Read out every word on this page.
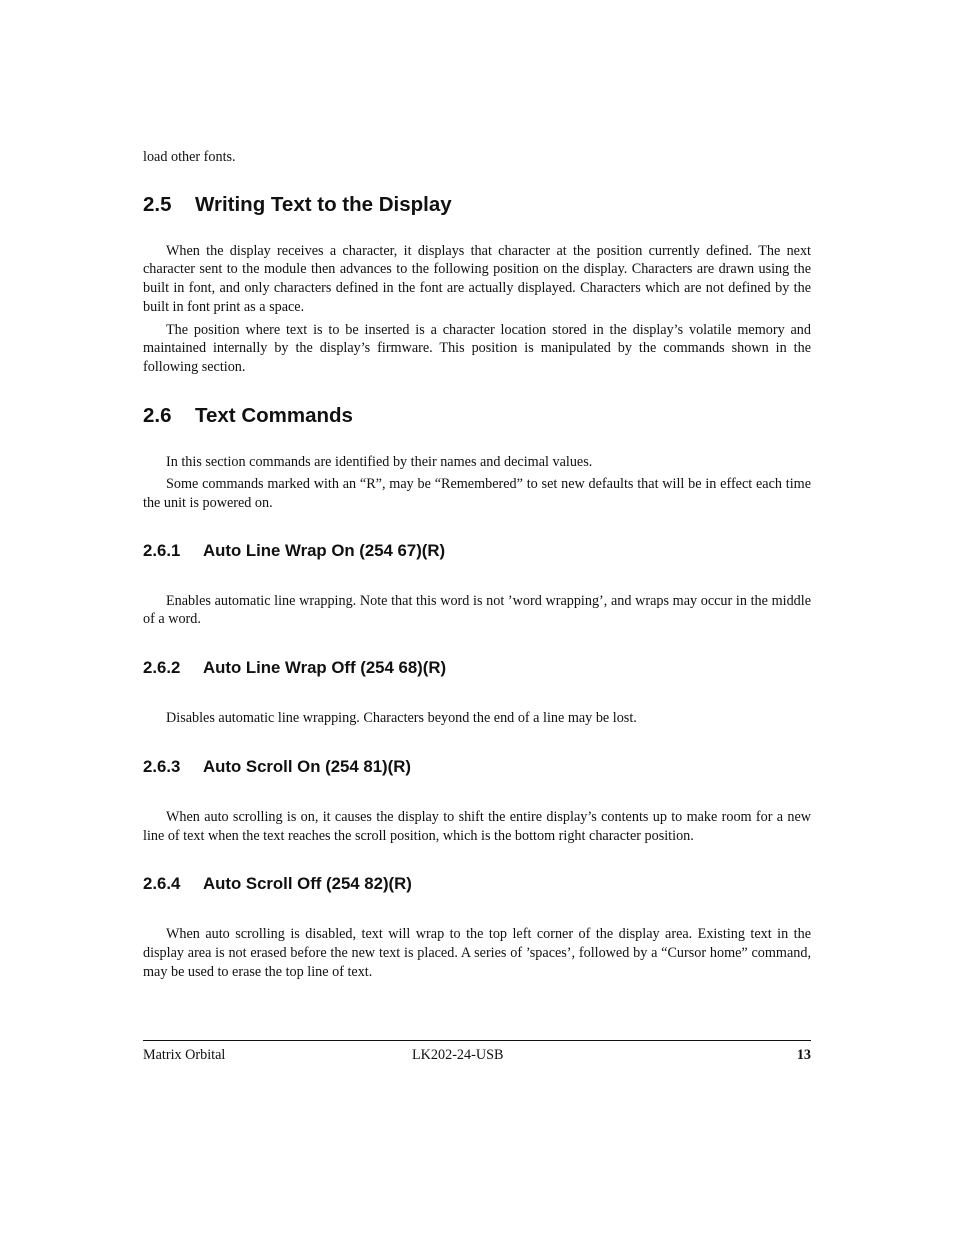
load other fonts.

2.5 Writing Text to the Display

When the display receives a character, it displays that character at the position currently defined. The next character sent to the module then advances to the following position on the display. Characters are drawn using the built in font, and only characters defined in the font are actually displayed. Characters which are not defined by the built in font print as a space.

The position where text is to be inserted is a character location stored in the display’s volatile memory and maintained internally by the display’s firmware. This position is manipulated by the commands shown in the following section.

2.6 Text Commands

In this section commands are identified by their names and decimal values.

Some commands marked with an “R”, may be “Remembered” to set new defaults that will be in effect each time the unit is powered on.

2.6.1 Auto Line Wrap On (254 67)(R)

Enables automatic line wrapping. Note that this word is not ’word wrapping’, and wraps may occur in the middle of a word.

2.6.2 Auto Line Wrap Off (254 68)(R)

Disables automatic line wrapping. Characters beyond the end of a line may be lost.

2.6.3 Auto Scroll On (254 81)(R)

When auto scrolling is on, it causes the display to shift the entire display’s contents up to make room for a new line of text when the text reaches the scroll position, which is the bottom right character position.

2.6.4 Auto Scroll Off (254 82)(R)

When auto scrolling is disabled, text will wrap to the top left corner of the display area. Existing text in the display area is not erased before the new text is placed. A series of ’spaces’, followed by a “Cursor home” command, may be used to erase the top line of text.

Matrix Orbital	LK202-24-USB	13
